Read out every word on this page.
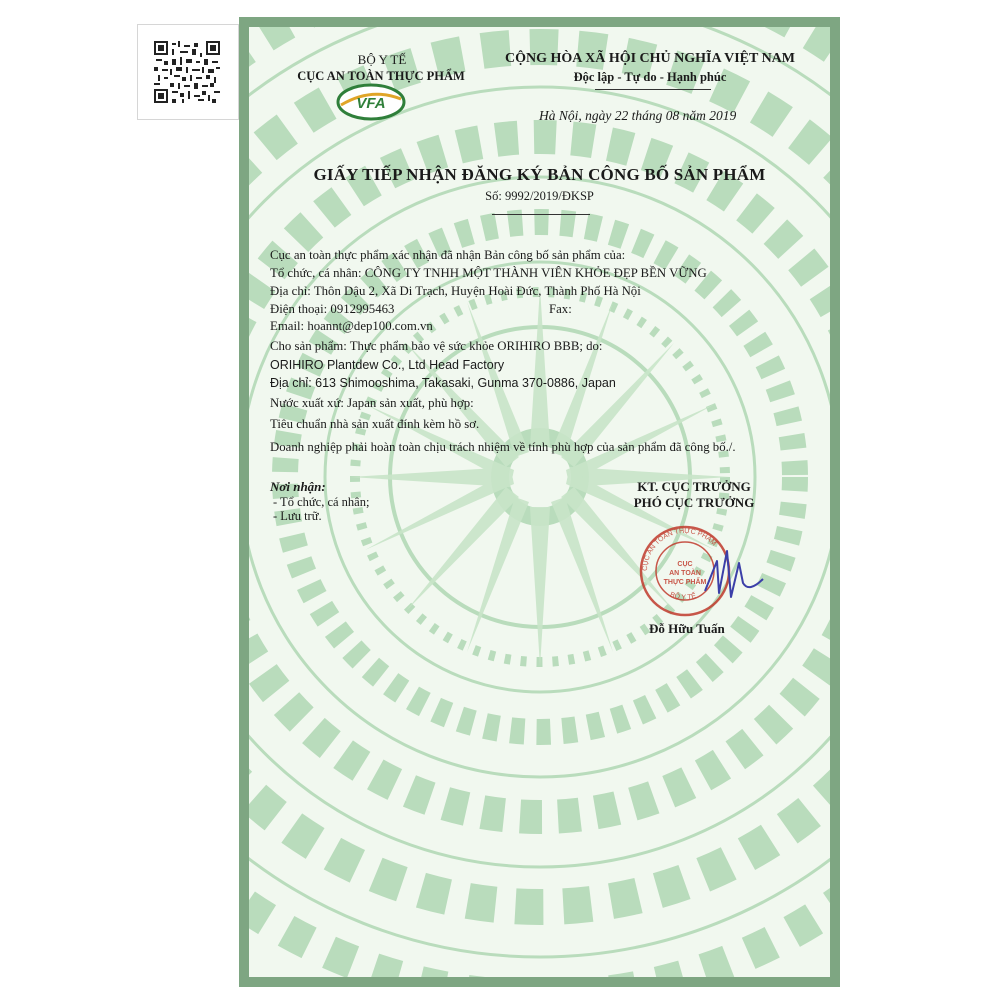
BỘ Y TẾ
CỤC AN TOÀN THỰC PHẨM
VFA
CỘNG HÒA XÃ HỘI CHỦ NGHĨA VIỆT NAM
Độc lập - Tự do - Hạnh phúc
Hà Nội, ngày 22 tháng 08 năm 2019
GIẤY TIẾP NHẬN ĐĂNG KÝ BẢN CÔNG BỐ SẢN PHẨM
Số: 9992/2019/ĐKSP
Cục an toàn thực phẩm xác nhận đã nhận Bản công bố sản phẩm của:
Tổ chức, cá nhân: CÔNG TY TNHH MỘT THÀNH VIÊN KHỎE ĐẸP BỀN VỮNG
Địa chỉ: Thôn Dậu 2, Xã Di Trạch, Huyện Hoài Đức, Thành Phố Hà Nội
Điện thoại: 0912995463	Fax:
Email: hoannt@dep100.com.vn
Cho sản phẩm: Thực phẩm bảo vệ sức khỏe ORIHIRO BBB; do:
ORIHIRO Plantdew Co., Ltd Head Factory
Địa chỉ: 613 Shimooshima, Takasaki, Gunma 370-0886, Japan
Nước xuất xứ: Japan sản xuất, phù hợp:
Tiêu chuẩn nhà sản xuất đính kèm hồ sơ.
Doanh nghiệp phải hoàn toàn chịu trách nhiệm về tính phù hợp của sản phẩm đã công bố./.
Nơi nhận:
- Tổ chức, cá nhân;
- Lưu trữ.
KT. CỤC TRƯỞNG
PHÓ CỤC TRƯỞNG
CỤC AN TOÀN THỰC PHẨM
BỘ Y TẾ
CỤC
AN TOÀN
THỰC PHẨM
Đỗ Hữu Tuấn
